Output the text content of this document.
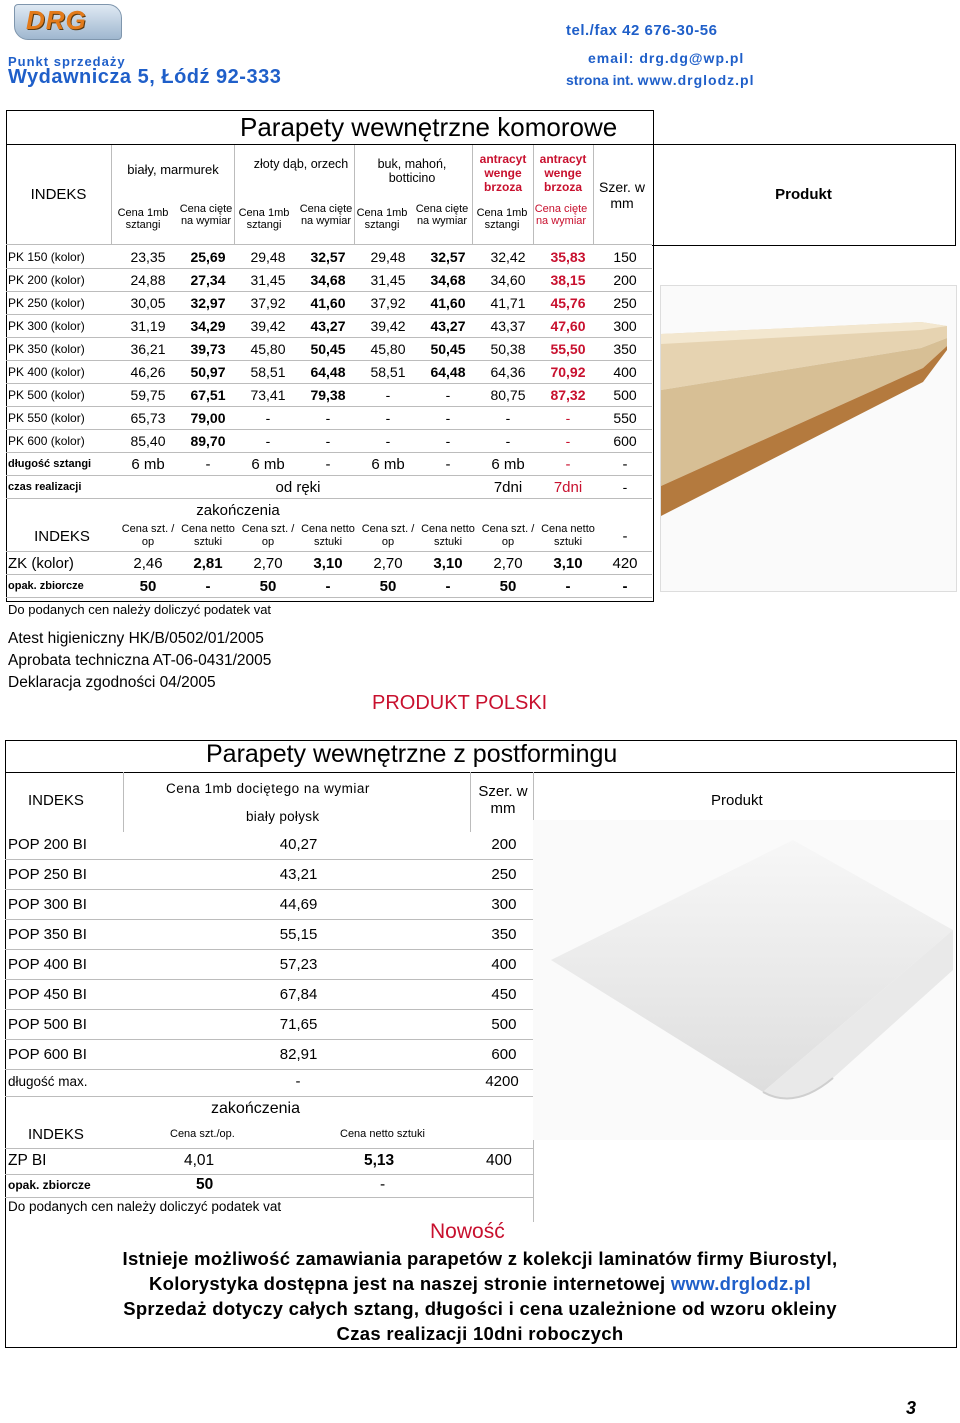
DRG
Punkt sprzedaży
Wydawnicza 5, Łódź 92-333
tel./fax 42 676-30-56
email: drg.dg@wp.pl
strona int. www.drglodz.pl
Parapety wewnętrzne komorowe
Produkt
INDEKS
biały, marmurek	złoty dąb, orzech	buk, mahoń, botticino
antracyt wenge brzoza
antracyt wenge brzoza	Szer. w mm
Cena 1mb sztangi
Cena cięte na wymiar
Cena 1mb sztangi
Cena cięte na wymiar
Cena 1mb sztangi
Cena cięte na wymiar
Cena 1mb sztangi
Cena cięte na wymiar
PK 150 (kolor)	23,35	25,69	29,48	32,57	29,48	32,57	32,42	35,83	150
PK 200 (kolor)	24,88	27,34	31,45	34,68	31,45	34,68	34,60	38,15	200
PK 250 (kolor)	30,05	32,97	37,92	41,60	37,92	41,60	41,71	45,76	250
PK 300 (kolor)	31,19	34,29	39,42	43,27	39,42	43,27	43,37	47,60	300
PK 350 (kolor)	36,21	39,73	45,80	50,45	45,80	50,45	50,38	55,50	350
PK 400 (kolor)	46,26	50,97	58,51	64,48	58,51	64,48	64,36	70,92	400
PK 500 (kolor)	59,75	67,51	73,41	79,38	-	-	80,75	87,32	500
PK 550 (kolor)	65,73	79,00	-	-	-	-	-	-	550
PK 600 (kolor)	85,40	89,70	-	-	-	-	-	-	600
długość sztangi	6 mb	-	6 mb	-	6 mb	-	6 mb	-	-
czas realizacji	od ręki						7dni	7dni	-
	zakończenia								
INDEKS	Cena szt. / op	Cena netto sztuki	Cena szt. / op	Cena netto sztuki	Cena szt. / op	Cena netto sztuki	Cena szt. / op	Cena netto sztuki	-
ZK (kolor)	2,46	2,81	2,70	3,10	2,70	3,10	2,70	3,10	420
opak. zbiorcze	50	-	50	-	50	-	50	-	-
Do podanych cen należy doliczyć podatek vat									
Atest higieniczny HK/B/0502/01/2005
Aprobata techniczna AT-06-0431/2005
Deklaracja zgodności 04/2005
PRODUKT POLSKI
Parapety wewnętrzne z postformingu
INDEKS
Cena 1mb dociętego na wymiar
biały połysk
Szer. w mm	Produkt
POP 200 BI	40,27	200
POP 250 BI	43,21	250
POP 300 BI	44,69	300
POP 350 BI	55,15	350
POP 400 BI	57,23	400
POP 450 BI	67,84	450
POP 500 BI	71,65	500
POP 600 BI	82,91	600
długość max.	-	4200
zakończenia
INDEKS	Cena szt./op.	Cena netto sztuki
ZP BI	4,01	5,13	400
opak. zbiorcze	50	-
Do podanych cen należy doliczyć podatek vat
Nowość
Istnieje możliwość zamawiania parapetów z kolekcji laminatów firmy Biurostyl,
Kolorystyka dostępna jest na naszej stronie internetowej www.drglodz.pl
Sprzedaż dotyczy całych sztang, długości i cena uzależnione od wzoru okleiny
Czas realizacji 10dni roboczych
3
